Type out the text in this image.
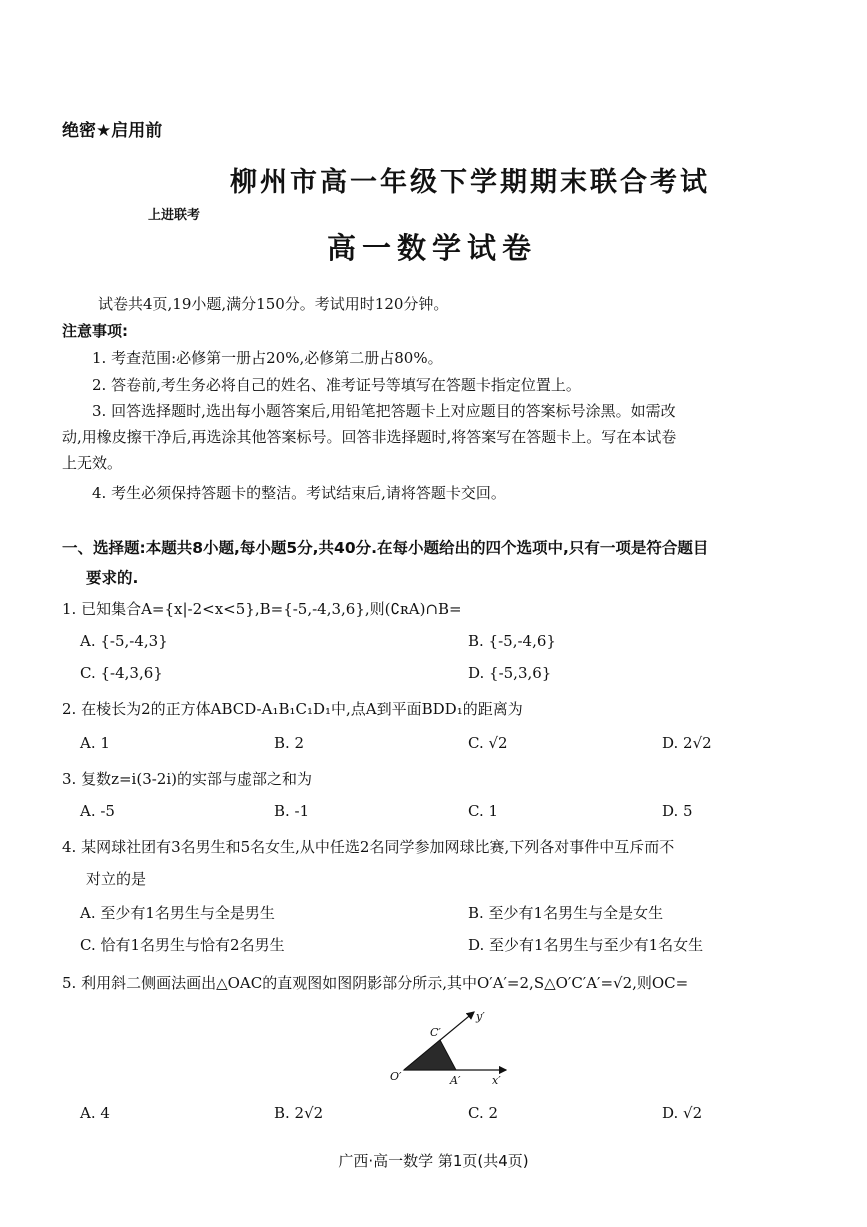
绝密★启用前
柳州市高一年级下学期期末联合考试
上进联考
高一数学试卷
试卷共4页,19小题,满分150分。考试用时120分钟。
注意事项:
1. 考查范围:必修第一册占20%,必修第二册占80%。
2. 答卷前,考生务必将自己的姓名、准考证号等填写在答题卡指定位置上。
3. 回答选择题时,选出每小题答案后,用铅笔把答题卡上对应题目的答案标号涂黑。如需改
动,用橡皮擦干净后,再选涂其他答案标号。回答非选择题时,将答案写在答题卡上。写在本试卷
上无效。
4. 考生必须保持答题卡的整洁。考试结束后,请将答题卡交回。
一、选择题:本题共8小题,每小题5分,共40分.在每小题给出的四个选项中,只有一项是符合题目
要求的.
1. 已知集合A={x|-2<x<5},B={-5,-4,3,6},则(∁ʀA)∩B=
A. {-5,-4,3}	B. {-5,-4,6}
C. {-4,3,6}	D. {-5,3,6}
2. 在棱长为2的正方体ABCD-A₁B₁C₁D₁中,点A到平面BDD₁的距离为
A. 1	B. 2	C. √2	D. 2√2
3. 复数z=i(3-2i)的实部与虚部之和为
A. -5	B. -1	C. 1	D. 5
4. 某网球社团有3名男生和5名女生,从中任选2名同学参加网球比赛,下列各对事件中互斥而不
对立的是
A. 至少有1名男生与全是男生	B. 至少有1名男生与全是女生
C. 恰有1名男生与恰有2名男生	D. 至少有1名男生与至少有1名女生
5. 利用斜二侧画法画出△OAC的直观图如图阴影部分所示,其中O′A′=2,S△O′C′A′=√2,则OC=
O′	A′
C′
x′
y′
A. 4	B. 2√2	C. 2	D. √2
广西·高一数学 第1页(共4页)
